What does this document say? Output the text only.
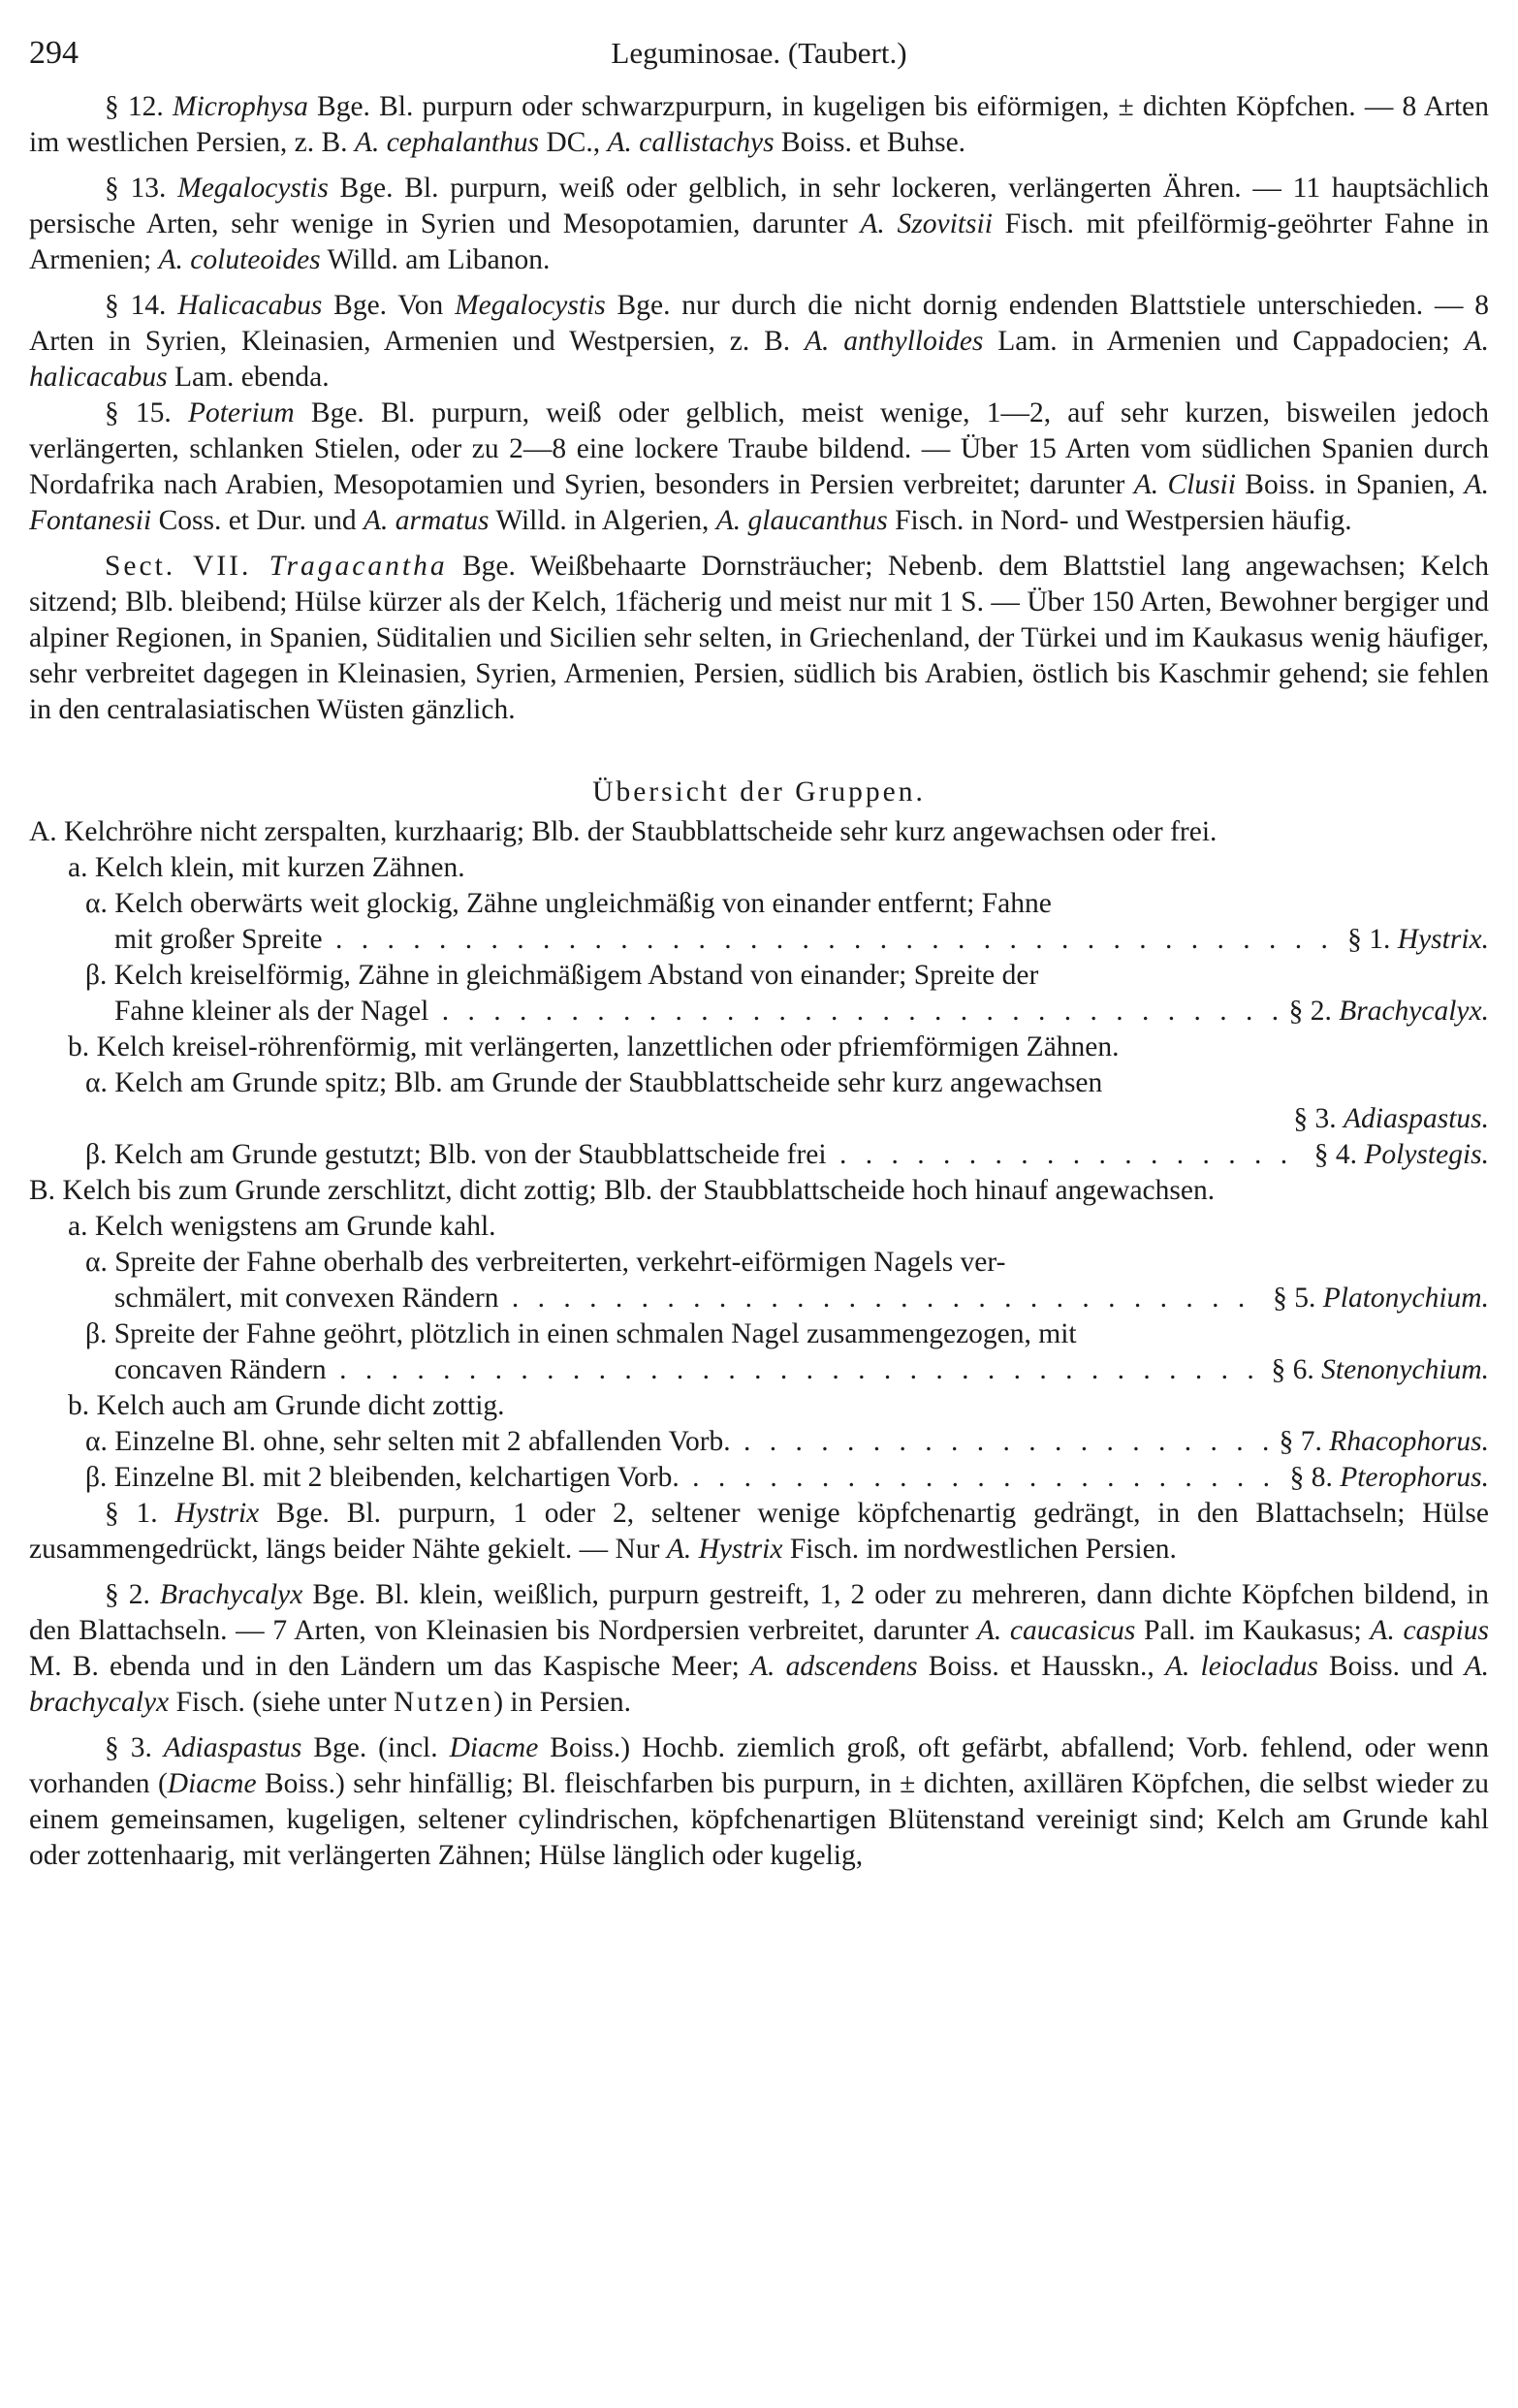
294	Leguminosae. (Taubert.)

§ 12. Microphysa Bge. Bl. purpurn oder schwarzpurpurn, in kugeligen bis eiförmigen, ± dichten Köpfchen. — 8 Arten im westlichen Persien, z. B. A. cephalanthus DC., A. callistachys Boiss. et Buhse.

§ 13. Megalocystis Bge. Bl. purpurn, weiß oder gelblich, in sehr lockeren, verlängerten Ähren. — 11 hauptsächlich persische Arten, sehr wenige in Syrien und Mesopotamien, darunter A. Szovitsii Fisch. mit pfeilförmig-geöhrter Fahne in Armenien; A. coluteoides Willd. am Libanon.

§ 14. Halicacabus Bge. Von Megalocystis Bge. nur durch die nicht dornig endenden Blattstiele unterschieden. — 8 Arten in Syrien, Kleinasien, Armenien und Westpersien, z. B. A. anthylloides Lam. in Armenien und Cappadocien; A. halicacabus Lam. ebenda.

§ 15. Poterium Bge. Bl. purpurn, weiß oder gelblich, meist wenige, 1—2, auf sehr kurzen, bisweilen jedoch verlängerten, schlanken Stielen, oder zu 2—8 eine lockere Traube bildend. — Über 15 Arten vom südlichen Spanien durch Nordafrika nach Arabien, Mesopotamien und Syrien, besonders in Persien verbreitet; darunter A. Clusii Boiss. in Spanien, A. Fontanesii Coss. et Dur. und A. armatus Willd. in Algerien, A. glaucanthus Fisch. in Nord- und Westpersien häufig.

Sect. VII. Tragacantha Bge. Weißbehaarte Dornsträucher; Nebenb. dem Blattstiel lang angewachsen; Kelch sitzend; Blb. bleibend; Hülse kürzer als der Kelch, 1fächerig und meist nur mit 1 S. — Über 150 Arten, Bewohner bergiger und alpiner Regionen, in Spanien, Süditalien und Sicilien sehr selten, in Griechenland, der Türkei und im Kaukasus wenig häufiger, sehr verbreitet dagegen in Kleinasien, Syrien, Armenien, Persien, südlich bis Arabien, östlich bis Kaschmir gehend; sie fehlen in den centralasiatischen Wüsten gänzlich.

Übersicht der Gruppen.

A. Kelchröhre nicht zerspalten, kurzhaarig; Blb. der Staubblattscheide sehr kurz angewachsen oder frei.

a. Kelch klein, mit kurzen Zähnen.

α. Kelch oberwärts weit glockig, Zähne ungleichmäßig von einander entfernt; Fahne

mit großer Spreite . . .	§ 1. Hystrix.

β. Kelch kreiselförmig, Zähne in gleichmäßigem Abstand von einander; Spreite der

Fahne kleiner als der Nagel . . .	§ 2. Brachycalyx.

b. Kelch kreisel-röhrenförmig, mit verlängerten, lanzettlichen oder pfriemförmigen Zähnen.

α. Kelch am Grunde spitz; Blb. am Grunde der Staubblattscheide sehr kurz angewachsen

§ 3. Adiaspastus.

β. Kelch am Grunde gestutzt; Blb. von der Staubblattscheide frei . . .	§ 4. Polystegis.

B. Kelch bis zum Grunde zerschlitzt, dicht zottig; Blb. der Staubblattscheide hoch hinauf angewachsen.

a. Kelch wenigstens am Grunde kahl.

α. Spreite der Fahne oberhalb des verbreiterten, verkehrt-eiförmigen Nagels ver-

schmälert, mit convexen Rändern . . .	§ 5. Platonychium.

β. Spreite der Fahne geöhrt, plötzlich in einen schmalen Nagel zusammengezogen, mit

concaven Rändern . . .	§ 6. Stenonychium.

b. Kelch auch am Grunde dicht zottig.

α. Einzelne Bl. ohne, sehr selten mit 2 abfallenden Vorb. . . .	§ 7. Rhacophorus.
β. Einzelne Bl. mit 2 bleibenden, kelchartigen Vorb. . . .	§ 8. Pterophorus.

§ 1. Hystrix Bge. Bl. purpurn, 1 oder 2, seltener wenige köpfchenartig gedrängt, in den Blattachseln; Hülse zusammengedrückt, längs beider Nähte gekielt. — Nur A. Hystrix Fisch. im nordwestlichen Persien.

§ 2. Brachycalyx Bge. Bl. klein, weißlich, purpurn gestreift, 1, 2 oder zu mehreren, dann dichte Köpfchen bildend, in den Blattachseln. — 7 Arten, von Kleinasien bis Nordpersien verbreitet, darunter A. caucasicus Pall. im Kaukasus; A. caspius M. B. ebenda und in den Ländern um das Kaspische Meer; A. adscendens Boiss. et Hausskn., A. leiocladus Boiss. und A. brachycalyx Fisch. (siehe unter Nutzen) in Persien.

§ 3. Adiaspastus Bge. (incl. Diacme Boiss.) Hochb. ziemlich groß, oft gefärbt, abfallend; Vorb. fehlend, oder wenn vorhanden (Diacme Boiss.) sehr hinfällig; Bl. fleischfarben bis purpurn, in ± dichten, axillären Köpfchen, die selbst wieder zu einem gemeinsamen, kugeligen, seltener cylindrischen, köpfchenartigen Blütenstand vereinigt sind; Kelch am Grunde kahl oder zottenhaarig, mit verlängerten Zähnen; Hülse länglich oder kugelig,
